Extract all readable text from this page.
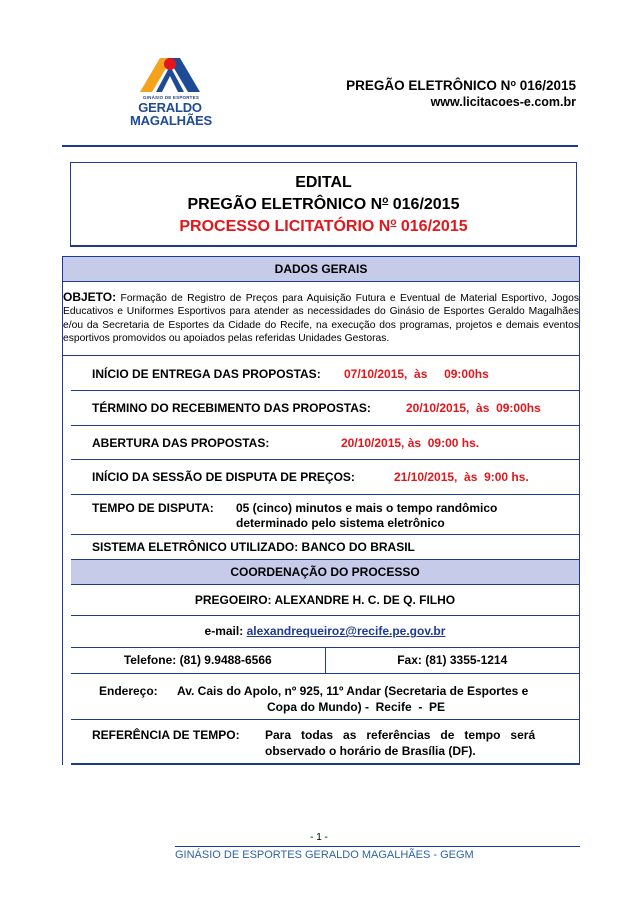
GINÁSIO DE ESPORTES
GERALDO
MAGALHÃES
PREGÃO ELETRÔNICO $N^o$ 016/2015
www.licitacoes-e.com.br
EDITAL
PREGÃO ELETRÔNICO $N^o$ 016/2015
PROCESSO LICITATÓRIO $N^o$ 016/2015
DADOS GERAIS
OBJETO: Formação de Registro de Preços para Aquisição Futura e Eventual de Material Esportivo, Jogos Educativos e Uniformes Esportivos para atender as necessidades do Ginásio de Esportes Geraldo Magalhães e/ou da Secretaria de Esportes da Cidade do Recife, na execução dos programas, projetos e demais eventos esportivos promovidos ou apoiados pelas referidas Unidades Gestoras.
INÍCIO DE ENTREGA DAS PROPOSTAS: 07/10/2015,  às     09:00hs
TÉRMINO DO RECEBIMENTO DAS PROPOSTAS:	20/10/2015,  às  09:00hs
ABERTURA DAS PROPOSTAS:	20/10/2015, às  09:00 hs.
INÍCIO DA SESSÃO DE DISPUTA DE PREÇOS:	21/10/2015,  às  9:00 hs.
TEMPO DE DISPUTA: 05 (cinco) minutos e mais o tempo randômico
determinado pelo sistema eletrônico
SISTEMA ELETRÔNICO UTILIZADO: BANCO DO BRASIL
COORDENAÇÃO DO PROCESSO
PREGOEIRO: ALEXANDRE H. C. DE Q. FILHO
e-mail: alexandrequeiroz@recife.pe.gov.br
Telefone: (81) 9.9488-6566	Fax: (81) 3355-1214
Endereço: Av. Cais do Apolo, nº 925, 11º Andar (Secretaria de Esportes e
Copa do Mundo) -  Recife  -  PE
REFERÊNCIA DE TEMPO: Para   todas   as   referências   de   tempo   será
observado o horário de Brasília (DF).
- 1 -
GINÁSIO DE ESPORTES GERALDO MAGALHÃES - GEGM
